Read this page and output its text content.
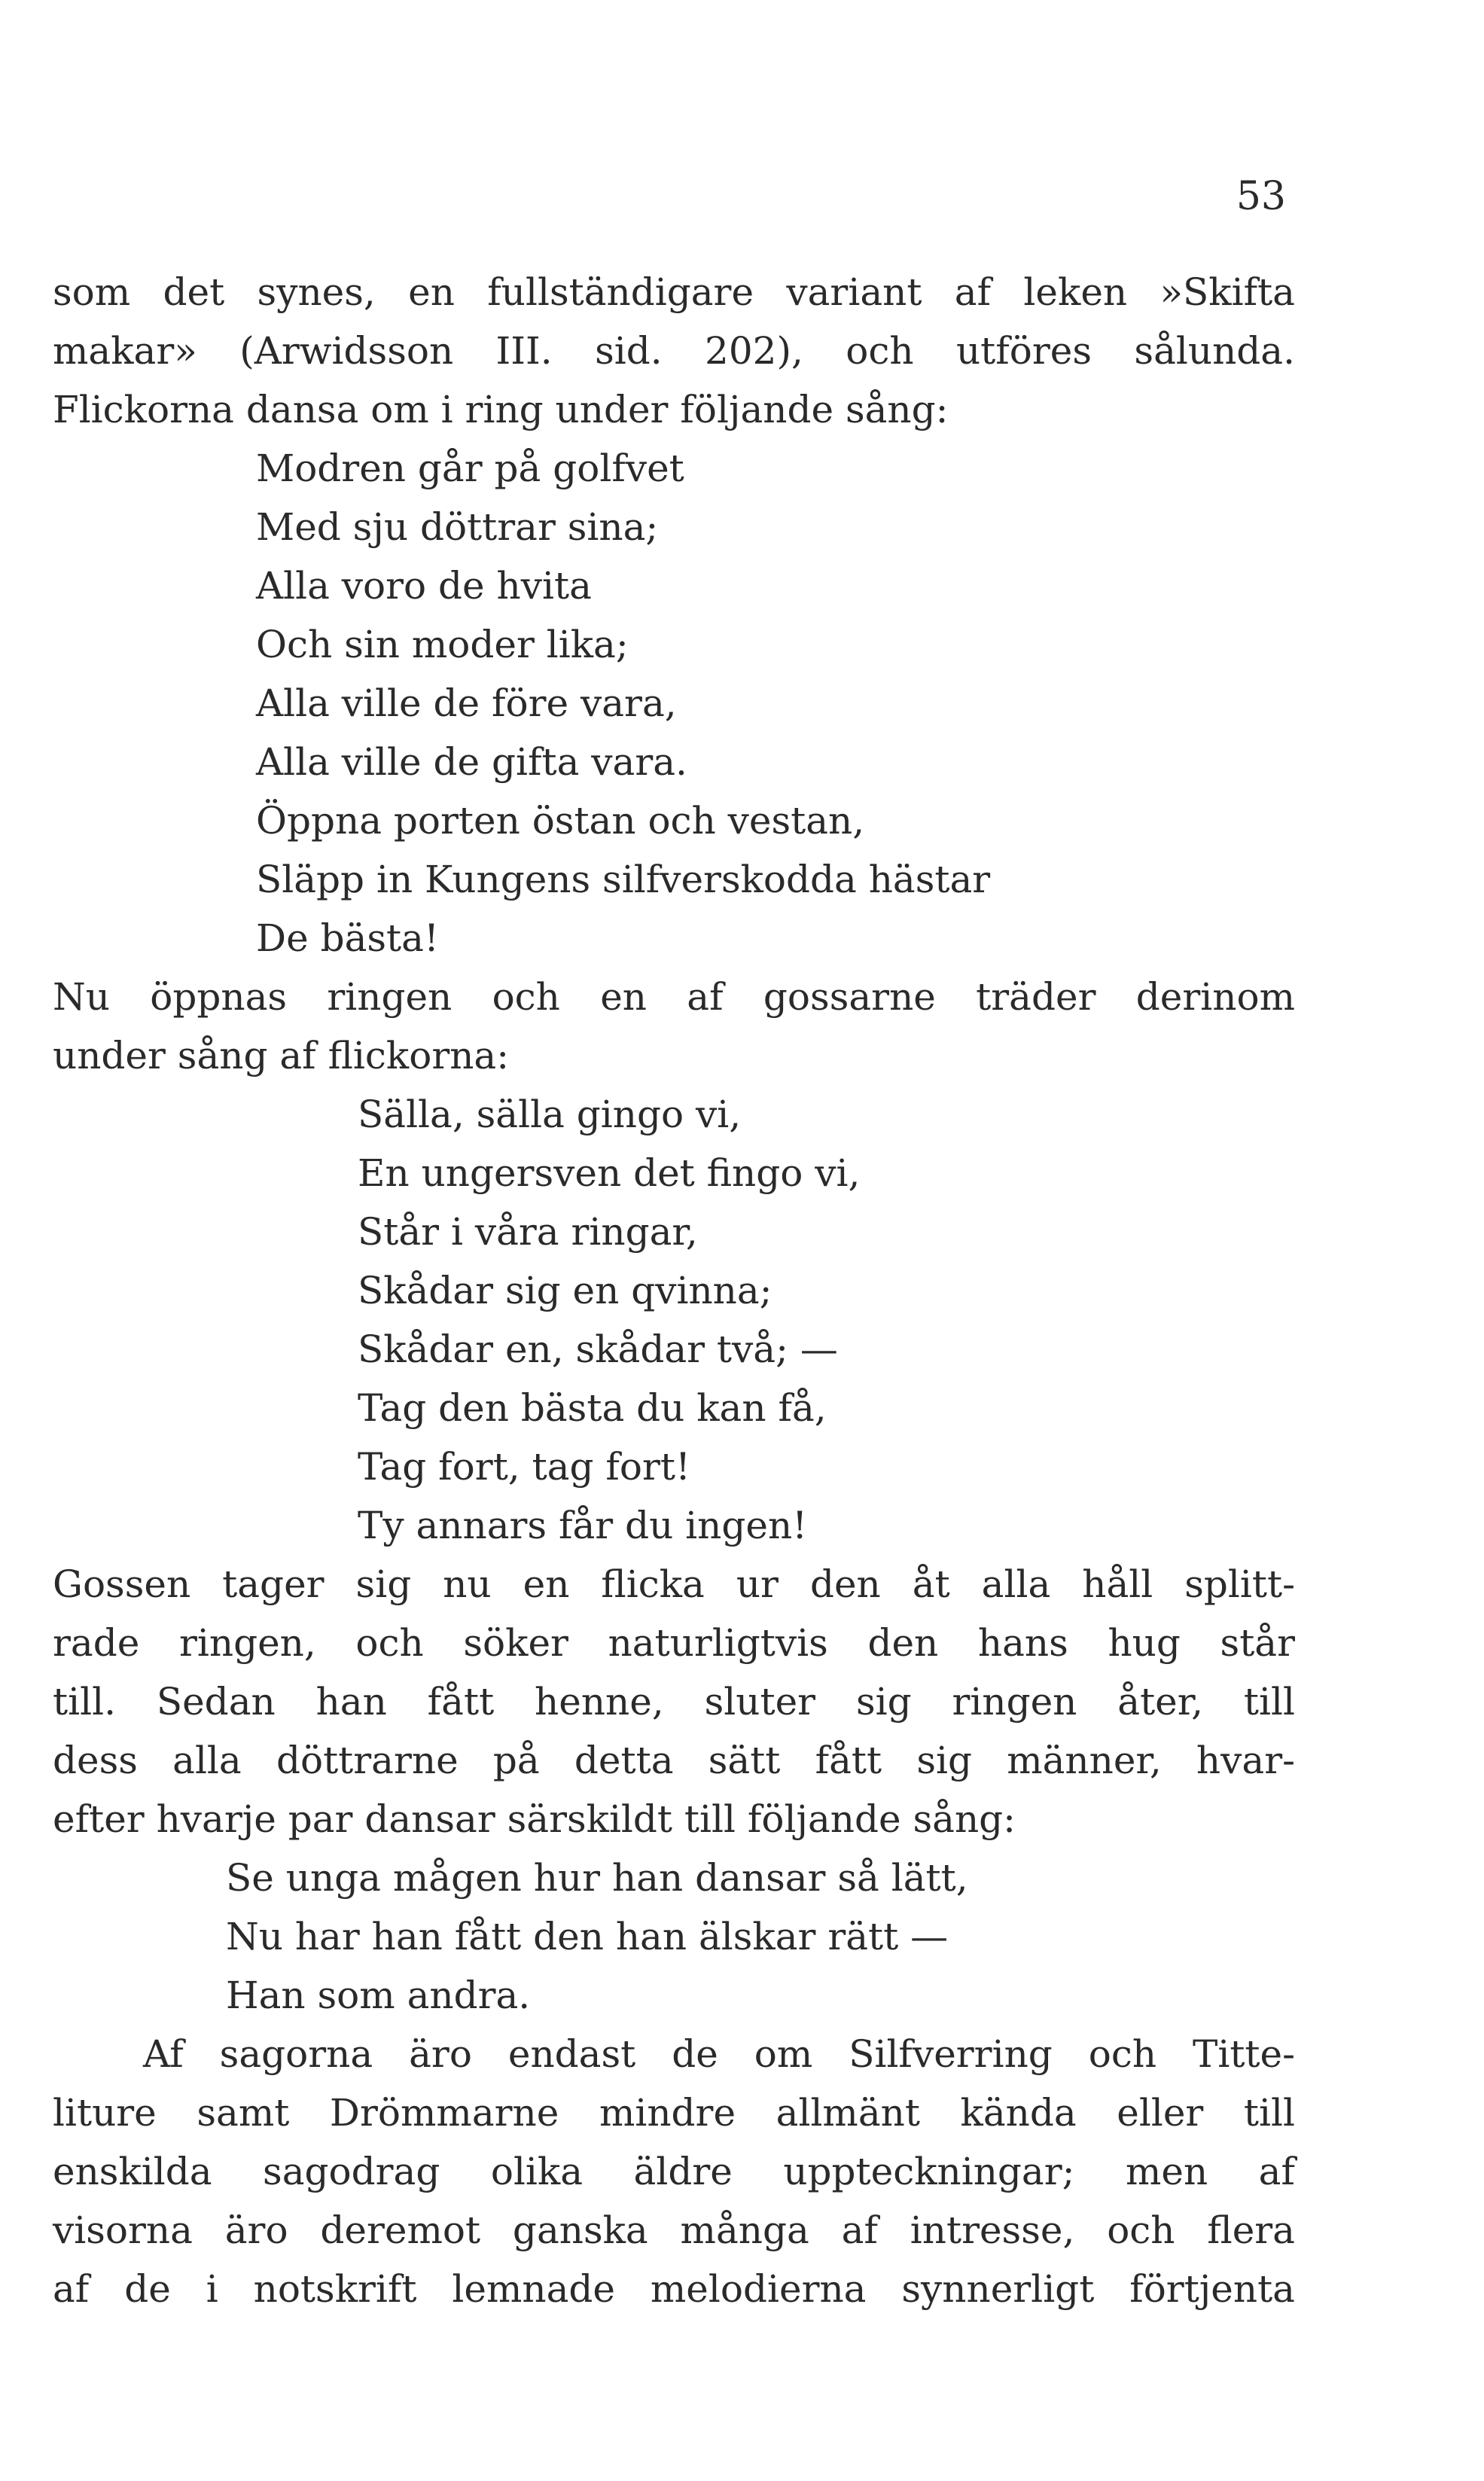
53
som det synes, en fullständigare variant af leken »Skifta
makar» (Arwidsson III. sid. 202), och utföres sålunda.
Flickorna dansa om i ring under följande sång:
Modren går på golfvet
Med sju döttrar sina;
Alla voro de hvita
Och sin moder lika;
Alla ville de före vara,
Alla ville de gifta vara.
Öppna porten östan och vestan,
Släpp in Kungens silfverskodda hästar
De bästa!
Nu öppnas ringen och en af gossarne träder derinom
under sång af flickorna:
Sälla, sälla gingo vi,
En ungersven det fingo vi,
Står i våra ringar,
Skådar sig en qvinna;
Skådar en, skådar två; —
Tag den bästa du kan få,
Tag fort, tag fort!
Ty annars får du ingen!
Gossen tager sig nu en flicka ur den åt alla håll splitt-
rade ringen, och söker naturligtvis den hans hug står
till. Sedan han fått henne, sluter sig ringen åter, till
dess alla döttrarne på detta sätt fått sig männer, hvar-
efter hvarje par dansar särskildt till följande sång:
Se unga mågen hur han dansar så lätt,
Nu har han fått den han älskar rätt —
Han som andra.
Af sagorna äro endast de om Silfverring och Titte-
liture samt Drömmarne mindre allmänt kända eller till
enskilda sagodrag olika äldre uppteckningar; men af
visorna äro deremot ganska många af intresse, och flera
af de i notskrift lemnade melodierna synnerligt förtjenta
